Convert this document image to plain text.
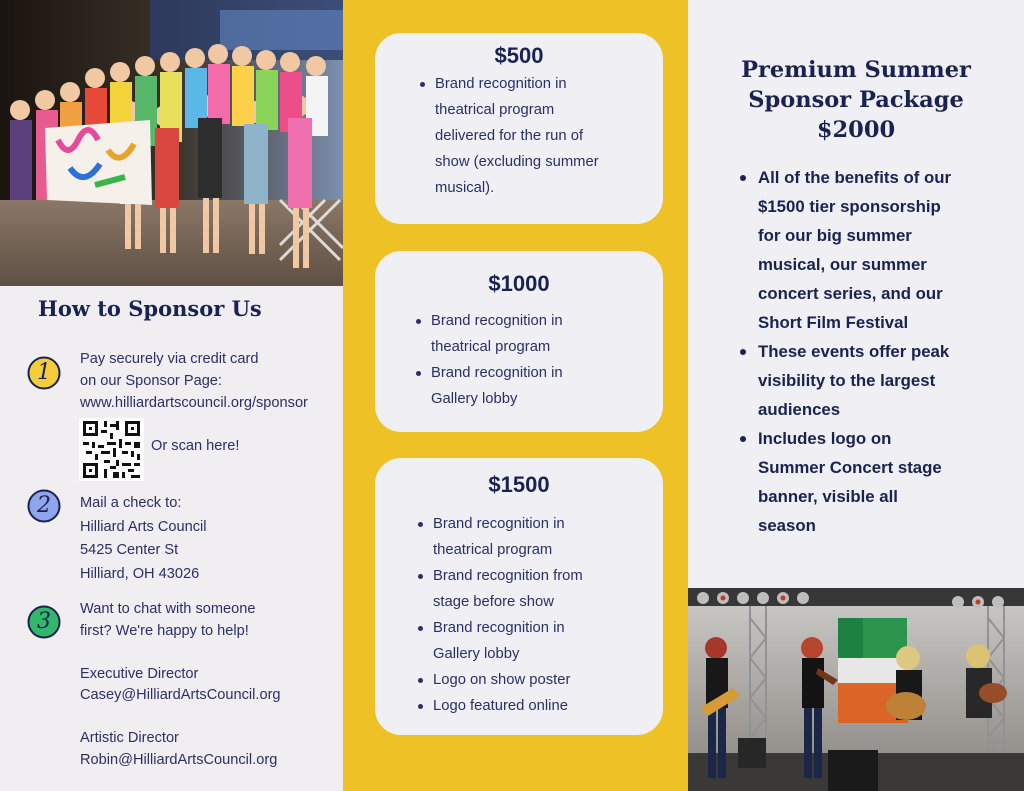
How to Sponsor Us
1
Pay securely via credit card
on our Sponsor Page:
www.hilliardartscouncil.org/sponsor
Or scan here!
2	Mail a check to:
Hilliard Arts Council
5425 Center St
Hilliard, OH 43026
3	Want to chat with someone
first? We're happy to help!
Executive Director
Casey@HilliardArtsCouncil.org
Artistic Director
Robin@HilliardArtsCouncil.org
$500
Brand recognition in
theatrical program
delivered for the run of
show (excluding summer
musical).
$1000
Brand recognition in theatrical program
Brand recognition in Gallery lobby
$1500
Brand recognition in theatrical program
Brand recognition from stage before show
Brand recognition in Gallery lobby
Logo on show poster
Logo featured online
Premium Summer
Sponsor Package
$2000
All of the benefits of our
$1500 tier sponsorship
for our big summer
musical, our summer
concert series, and our
Short Film Festival
These events offer peak
visibility to the largest
audiences
Includes logo on
Summer Concert stage
banner, visible all
season
